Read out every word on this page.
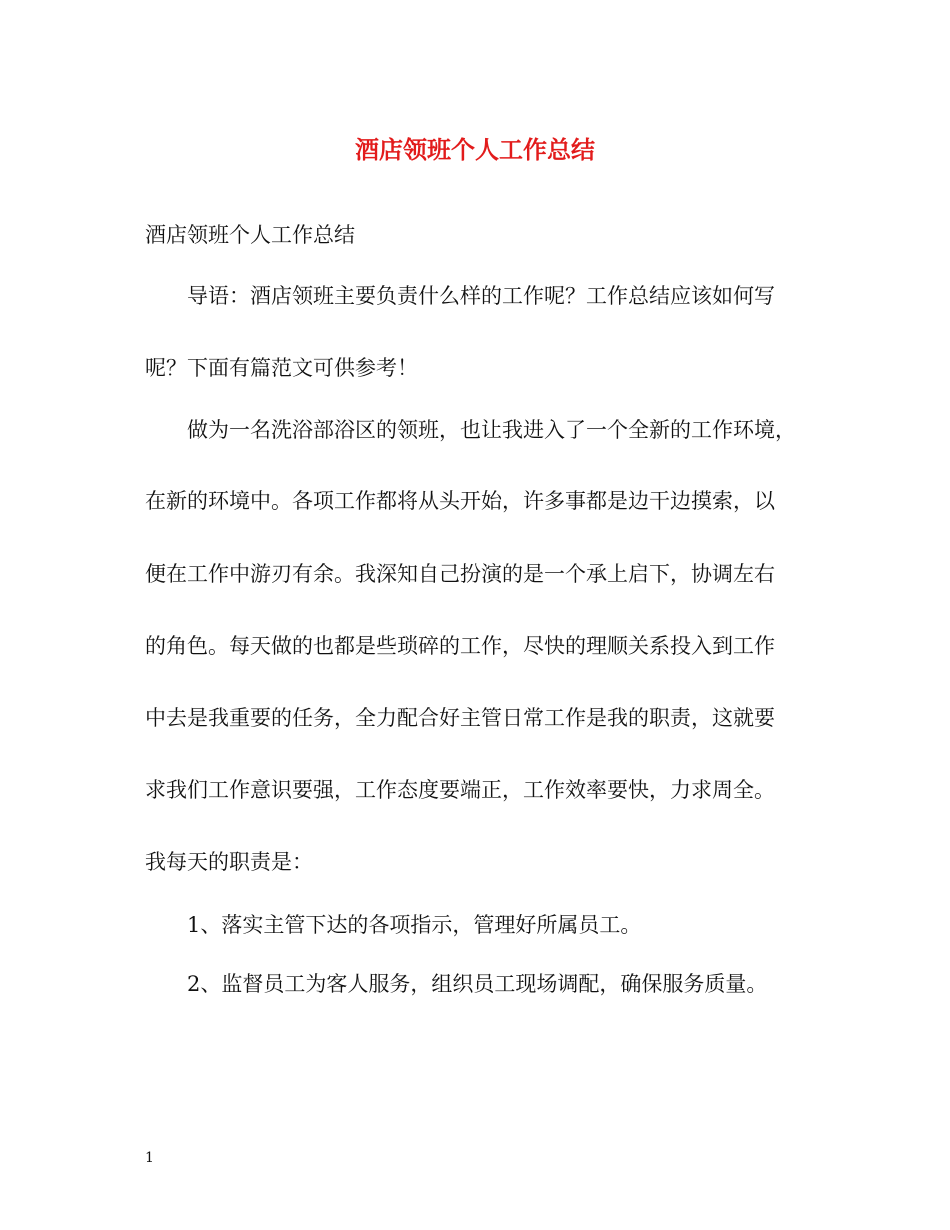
酒店领班个人工作总结

酒店领班个人工作总结

导语：酒店领班主要负责什么样的工作呢？工作总结应该如何写

呢？下面有篇范文可供参考！

做为一名洗浴部浴区的领班，也让我进入了一个全新的工作环境，

在新的环境中。各项工作都将从头开始，许多事都是边干边摸索，以

便在工作中游刃有余。我深知自己扮演的是一个承上启下，协调左右

的角色。每天做的也都是些琐碎的工作，尽快的理顺关系投入到工作

中去是我重要的任务，全力配合好主管日常工作是我的职责，这就要

求我们工作意识要强，工作态度要端正，工作效率要快，力求周全。

我每天的职责是：

1、落实主管下达的各项指示，管理好所属员工。

2、监督员工为客人服务，组织员工现场调配，确保服务质量。

1
